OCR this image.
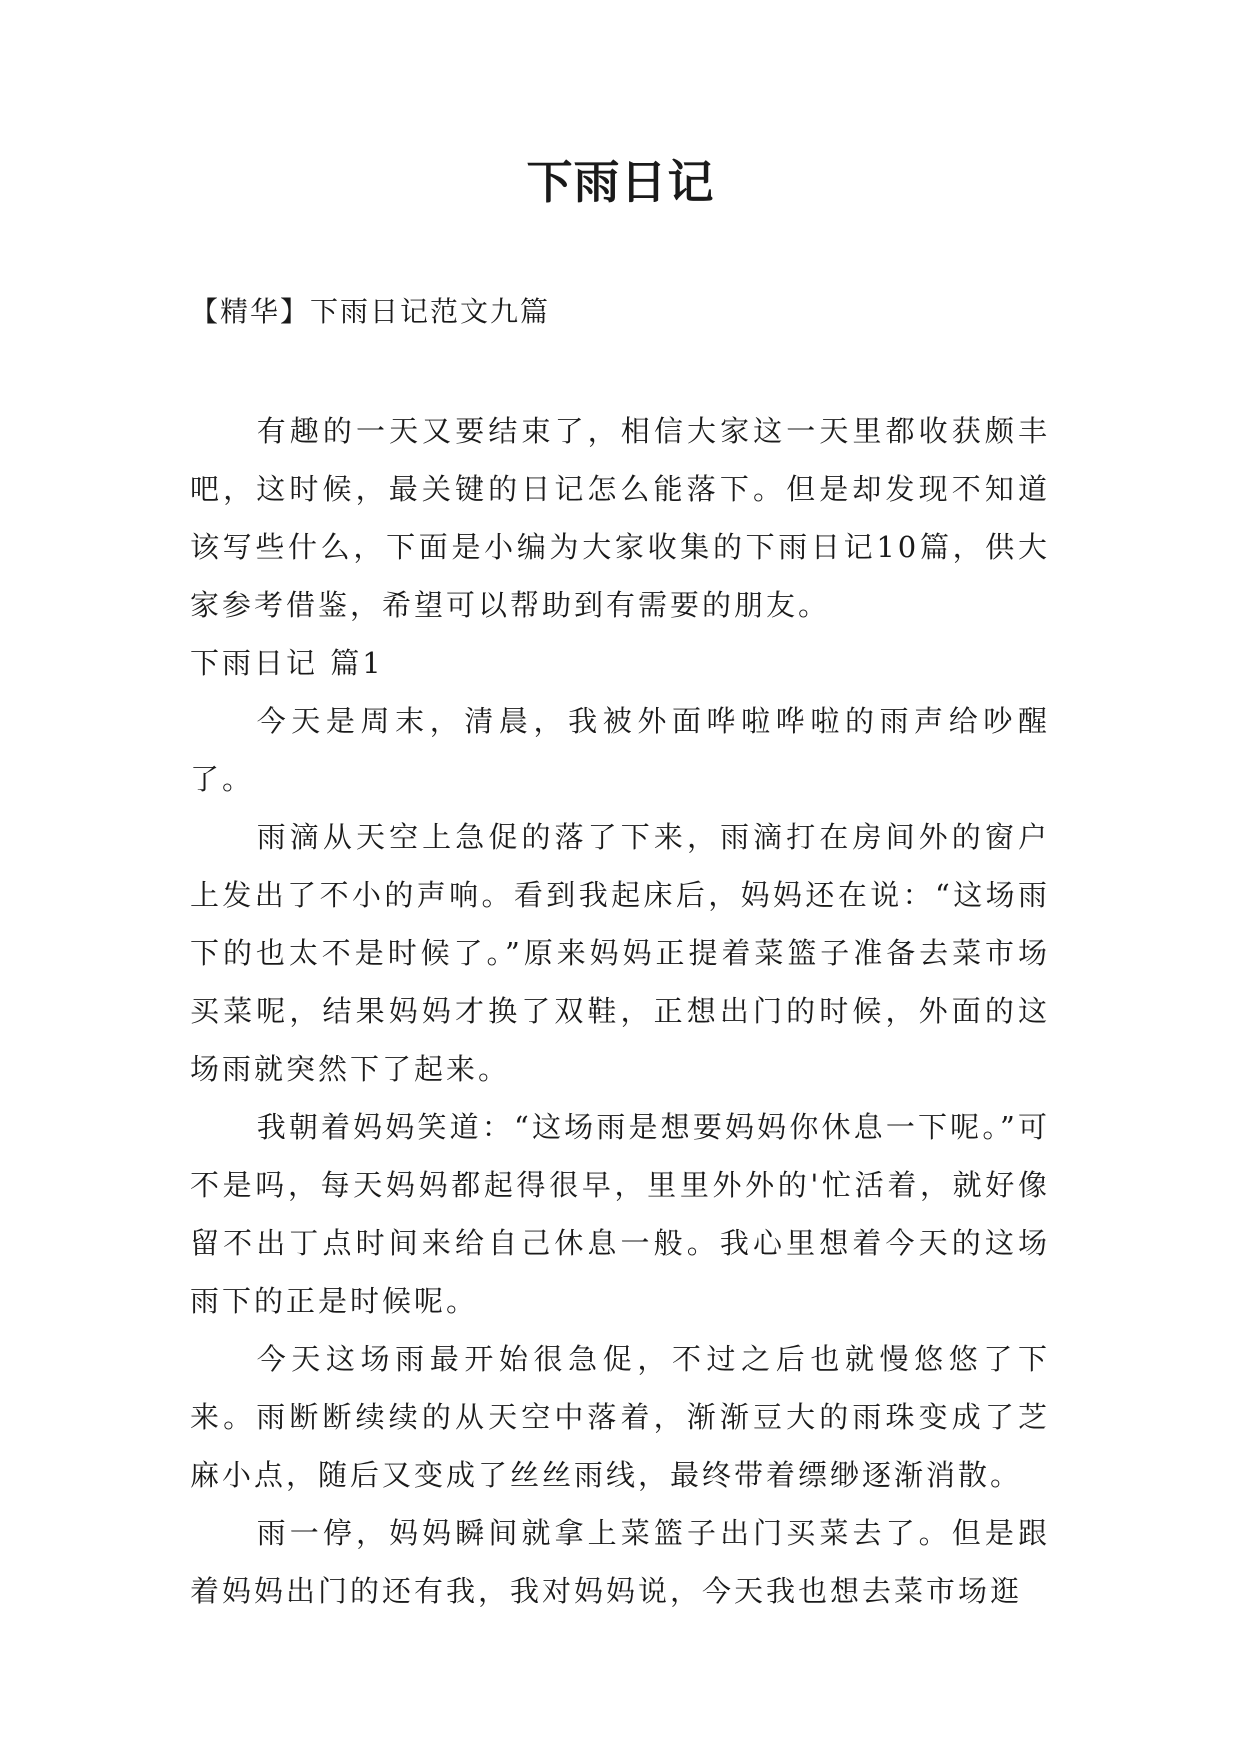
下雨日记
【精华】下雨日记范文九篇

有趣的一天又要结束了，相信大家这一天里都收获颇丰吧，这时候，最关键的日记怎么能落下。但是却发现不知道该写些什么，下面是小编为大家收集的下雨日记10篇，供大家参考借鉴，希望可以帮助到有需要的朋友。

下雨日记 篇1

今天是周末，清晨，我被外面哗啦哗啦的雨声给吵醒了。

雨滴从天空上急促的落了下来，雨滴打在房间外的窗户上发出了不小的声响。看到我起床后，妈妈还在说：“这场雨下的也太不是时候了。”原来妈妈正提着菜篮子准备去菜市场买菜呢，结果妈妈才换了双鞋，正想出门的时候，外面的这场雨就突然下了起来。

我朝着妈妈笑道：“这场雨是想要妈妈你休息一下呢。”可不是吗，每天妈妈都起得很早，里里外外的'忙活着，就好像留不出丁点时间来给自己休息一般。我心里想着今天的这场雨下的正是时候呢。

今天这场雨最开始很急促，不过之后也就慢悠悠了下来。雨断断续续的从天空中落着，渐渐豆大的雨珠变成了芝麻小点，随后又变成了丝丝雨线，最终带着缥缈逐渐消散。

雨一停，妈妈瞬间就拿上菜篮子出门买菜去了。但是跟着妈妈出门的还有我，我对妈妈说，今天我也想去菜市场逛
